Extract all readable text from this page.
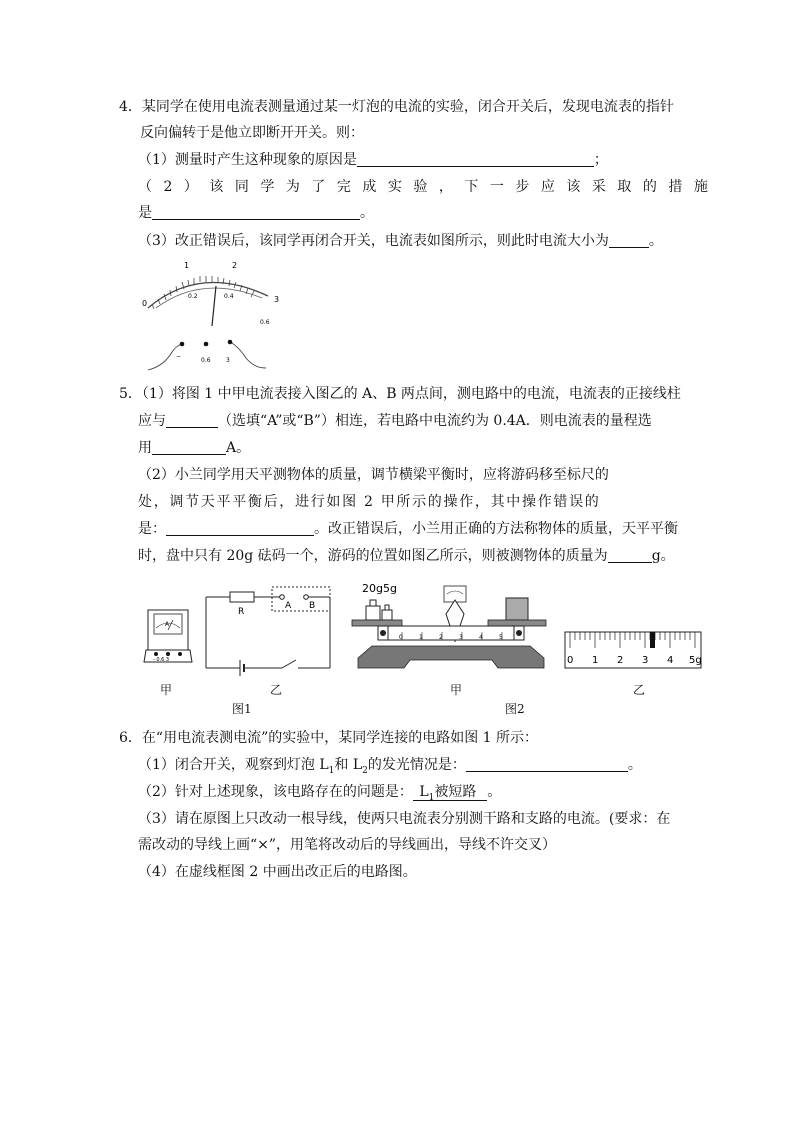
4．某同学在使用电流表测量通过某一灯泡的电流的实验，闭合开关后，发现电流表的指针
反向偏转于是他立即断开开关。则：
（1）测量时产生这种现象的原因是	；
（2）该同学为了完成实验，下一步应该采取的措施
是	。
（3）改正错误后，该同学再闭合开关，电流表如图所示，则此时电流大小为	。
0
1	2
3
0.2	0.4
0.6
−
0.6	3
5．（1）将图 1 中甲电流表接入图乙的 A、B 两点间，测电路中的电流，电流表的正接线柱
应与	（选填“A”或“B”）相连，若电路中电流约为 0.4A．则电流表的量程选
用	A。
（2）小兰同学用天平测物体的质量，调节横梁平衡时，应将游码移至标尺的
处，调节天平平衡后，进行如图 2 甲所示的操作，其中操作错误的
是：	。改正错误后，小兰用正确的方法称物体的质量，天平平衡
时，盘中只有 20g 砝码一个，游码的位置如图乙所示，则被测物体的质量为	g。
A
- 0.6 3
R
A B
甲	乙
图1
20g5g
0	1	2	3	4	5
甲
图2
0 1 2 3 4 5g
乙
6．在“用电流表测电流”的实验中，某同学连接的电路如图 1 所示：
（1）闭合开关，观察到灯泡 $L_1$和 $L_2$的发光情况是：	。
（2）针对上述现象，该电路存在的问题是： $L_1$被短路 。
（3）请在原图上只改动一根导线，使两只电流表分别测干路和支路的电流。(要求：在
需改动的导线上画“×”，用笔将改动后的导线画出，导线不许交叉）
（4）在虚线框图 2 中画出改正后的电路图。
